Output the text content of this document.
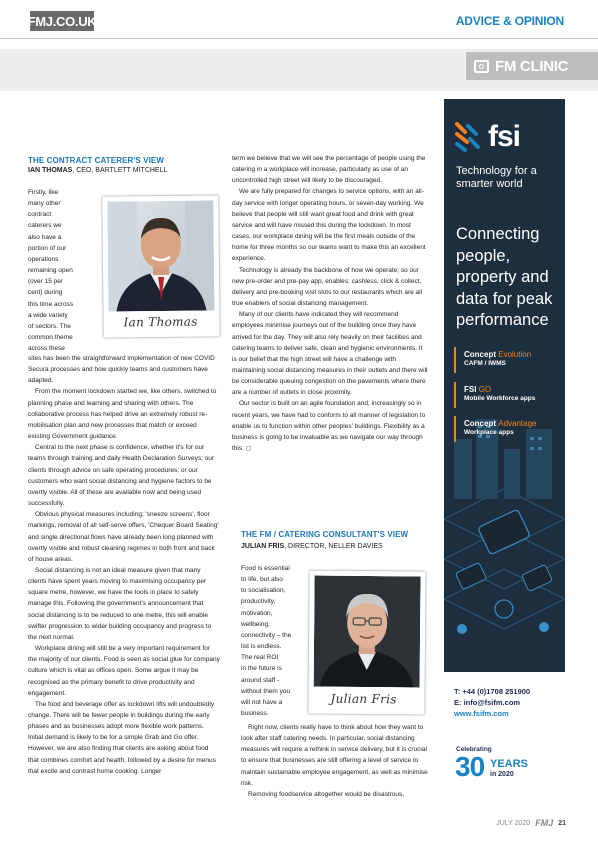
FMJ.CO.UK	ADVICE & OPINION
FM CLINIC
THE CONTRACT CATERER'S VIEW
IAN THOMAS, CEO, BARTLETT MITCHELL

Firstly, like

many other

contract

caterers we

also have a

portion of our

operations

remaining open

(over 15 per

cent) during

this time across

a wide variety

of sectors. The

common theme

across these

Ian Thomas

sites has been the straightforward implementation of new COVID Secura processes and how quickly teams and customers have adapted.

From the moment lockdown started we, like others, switched to planning phase and learning and sharing with others. The collaborative process has helped drive an extremely robust re-mobilisation plan and new processes that match or exceed existing Government guidance.

Central to the next phase is confidence, whether it's for our teams through training and daily Health Declaration Surveys; our clients through advice on safe operating procedures; or our customers who want social distancing and hygiene factors to be overtly visible. All of these are available now and being used successfully.

Obvious physical measures including; 'sneeze screens', floor markings, removal of all self-serve offers, 'Chequer Board Seating' and single directional flows have already been long planned with overtly visible and robust cleaning regimes in both front and back of house areas.

Social distancing is not an ideal measure given that many clients have spent years moving to maximising occupancy per square metre, however, we have the tools in place to safely manage this. Following the government's announcement that social distancing is to be reduced to one metre, this will enable swifter progression to wider building occupancy and progress to the next normal.

Workplace dining will still be a very important requirement for the majority of our clients. Food is seen as social glue for company culture which is vital as offices open. Some argue it may be recognised as the primary benefit to drive productivity and engagement.

The food and beverage offer as lockdown lifts will undoubtedly change. There will be fewer people in buildings during the early phases and as businesses adopt more flexible work patterns. Initial demand is likely to be for a simple Grab and Go offer. However, we are also finding that clients are asking about food that combines comfort and health, followed by a desire for menus that excite and contrast home cooking. Longer

term we believe that we will see the percentage of people using the catering in a workplace will increase, particularly as use of an uncontrolled high street will likely to be discouraged.

We are fully prepared for changes to service options, with an all-day service with longer operating hours, or seven-day working. We believe that people will still want great food and drink with great service and will have missed this during the lockdown. In most cases, our workplace dining will be the first meals outside of the home for three months so our teams want to make this an excellent experience.

Technology is already the backbone of how we operate; so our new pre-order and pre-pay app, enables; cashless, click & collect, delivery and pre-booking visit slots to our restaurants which are all true enablers of social distancing management.

Many of our clients have indicated they will recommend employees minimise journeys out of the building once they have arrived for the day. They will also rely heavily on their facilities and catering teams to deliver safe, clean and hygienic environments. It is our belief that the high street will have a challenge with maintaining social distancing measures in their outlets and there will be considerable queuing congestion on the pavements where there are a number of outlets in close proximity.

Our sector is built on an agile foundation and, increasingly so in recent years, we have had to conform to all manner of legislation to enable us to function within other peoples' buildings. Flexibility as a business is going to be invaluable as we navigate our way through this. ◻

THE FM / CATERING CONSULTANT'S VIEW
JULIAN FRIS, DIRECTOR, NELLER DAVIES

Food is essential

to life, but also

to socialisation,

productivity,

motivation,

wellbeing,

connectivity – the

list is endless.

The real ROI

in the future is

around staff -

without them you

will not have a

business.

Julian Fris

Right now, clients really have to think about how they want to look after staff catering needs. In particular, social distancing measures will require a rethink in service delivery, but it is crucial to ensure that businesses are still offering a level of service to maintain sustainable employee engagement, as well as minimise risk.

Removing foodservice altogether would be disastrous,

fsi
Technology for a smarter world
Connecting people, property and data for peak performance
Concept Evolution
CAFM / IWMS
FSI GO
Mobile Workforce apps
Concept Advantage
Workplace apps
T: +44 (0)1708 251900
E: info@fsifm.com
www.fsifm.com
Celebrating
30 YEARS
in 2020
JULY 2020 FMJ 21
